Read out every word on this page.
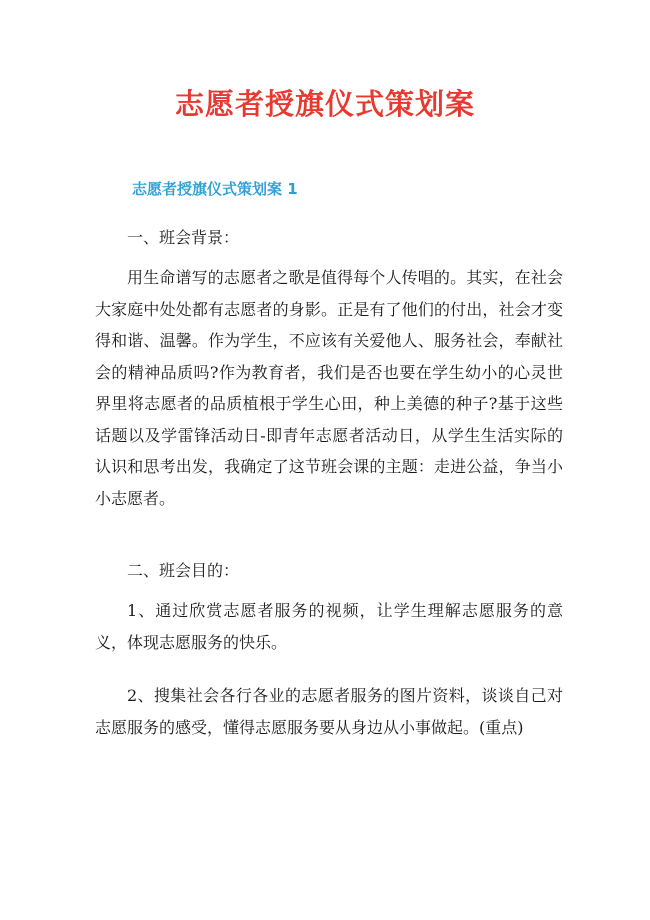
志愿者授旗仪式策划案
志愿者授旗仪式策划案 1

一、班会背景：

用生命谱写的志愿者之歌是值得每个人传唱的。其实，在社会大家庭中处处都有志愿者的身影。正是有了他们的付出，社会才变得和谐、温馨。作为学生，不应该有关爱他人、服务社会，奉献社会的精神品质吗?作为教育者，我们是否也要在学生幼小的心灵世界里将志愿者的品质植根于学生心田，种上美德的种子?基于这些话题以及学雷锋活动日-即青年志愿者活动日，从学生生活实际的认识和思考出发，我确定了这节班会课的主题：走进公益，争当小小志愿者。

二、班会目的：

1、通过欣赏志愿者服务的视频，让学生理解志愿服务的意义，体现志愿服务的快乐。

2、搜集社会各行各业的志愿者服务的图片资料，谈谈自己对志愿服务的感受，懂得志愿服务要从身边从小事做起。(重点)
